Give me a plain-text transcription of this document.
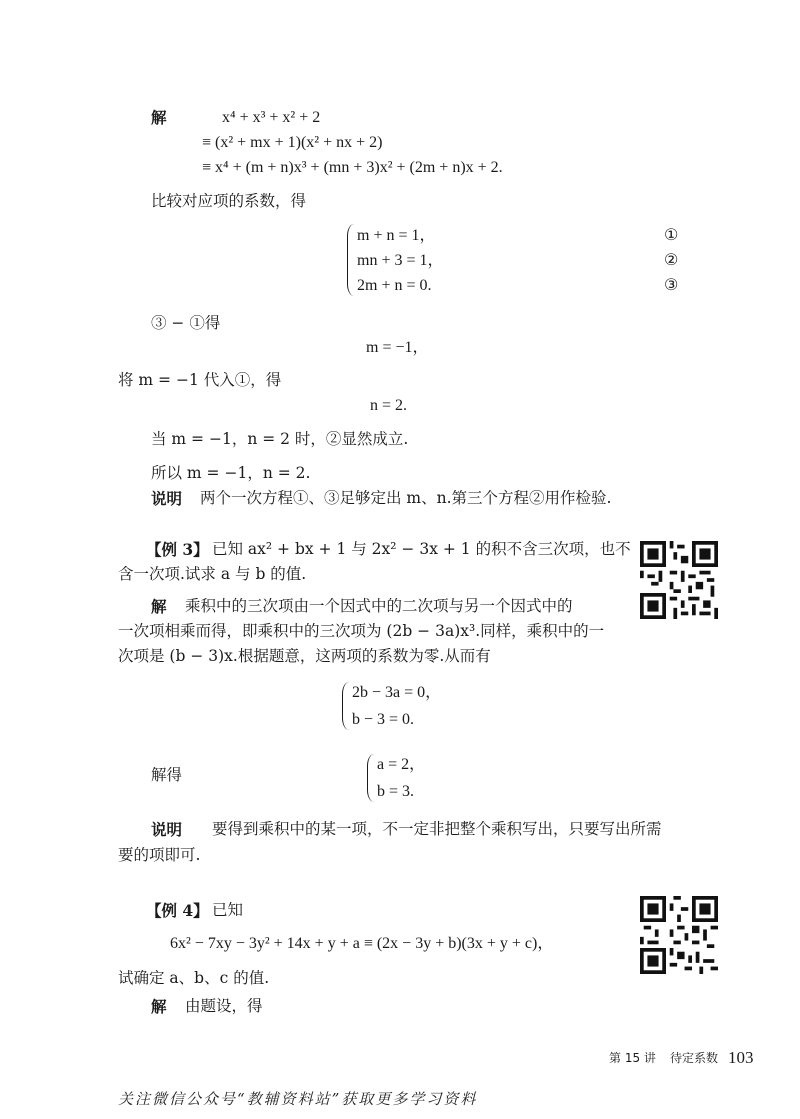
解	x⁴ + x³ + x² + 2
≡ (x² + mx + 1)(x² + nx + 2)
≡ x⁴ + (m + n)x³ + (mn + 3)x² + (2m + n)x + 2.
比较对应项的系数，得
m + n = 1，
mn + 3 = 1，
2m + n = 0.
①
②
③
③ − ①得
m = −1，
将 m = −1 代入①，得
n = 2.
当 m = −1，n = 2 时，②显然成立.
所以 m = −1，n = 2.
说明 两个一次方程①、③足够定出 m、n.第三个方程②用作检验.
【例 3】 已知 ax² + bx + 1 与 2x² − 3x + 1 的积不含三次项，也不
含一次项.试求 a 与 b 的值.
解 乘积中的三次项由一个因式中的二次项与另一个因式中的
一次项相乘而得，即乘积中的三次项为 (2b − 3a)x³.同样，乘积中的一
次项是 (b − 3)x.根据题意，这两项的系数为零.从而有
2b − 3a = 0，
b − 3 = 0.
解得
a = 2，
b = 3.
说明 要得到乘积中的某一项，不一定非把整个乘积写出，只要写出所需
要的项即可.
【例 4】 已知
6x² − 7xy − 3y² + 14x + y + a ≡ (2x − 3y + b)(3x + y + c)，
试确定 a、b、c 的值.
解 由题设，得
第 15 讲 待定系数 103
关注微信公众号“教辅资料站”获取更多学习资料
